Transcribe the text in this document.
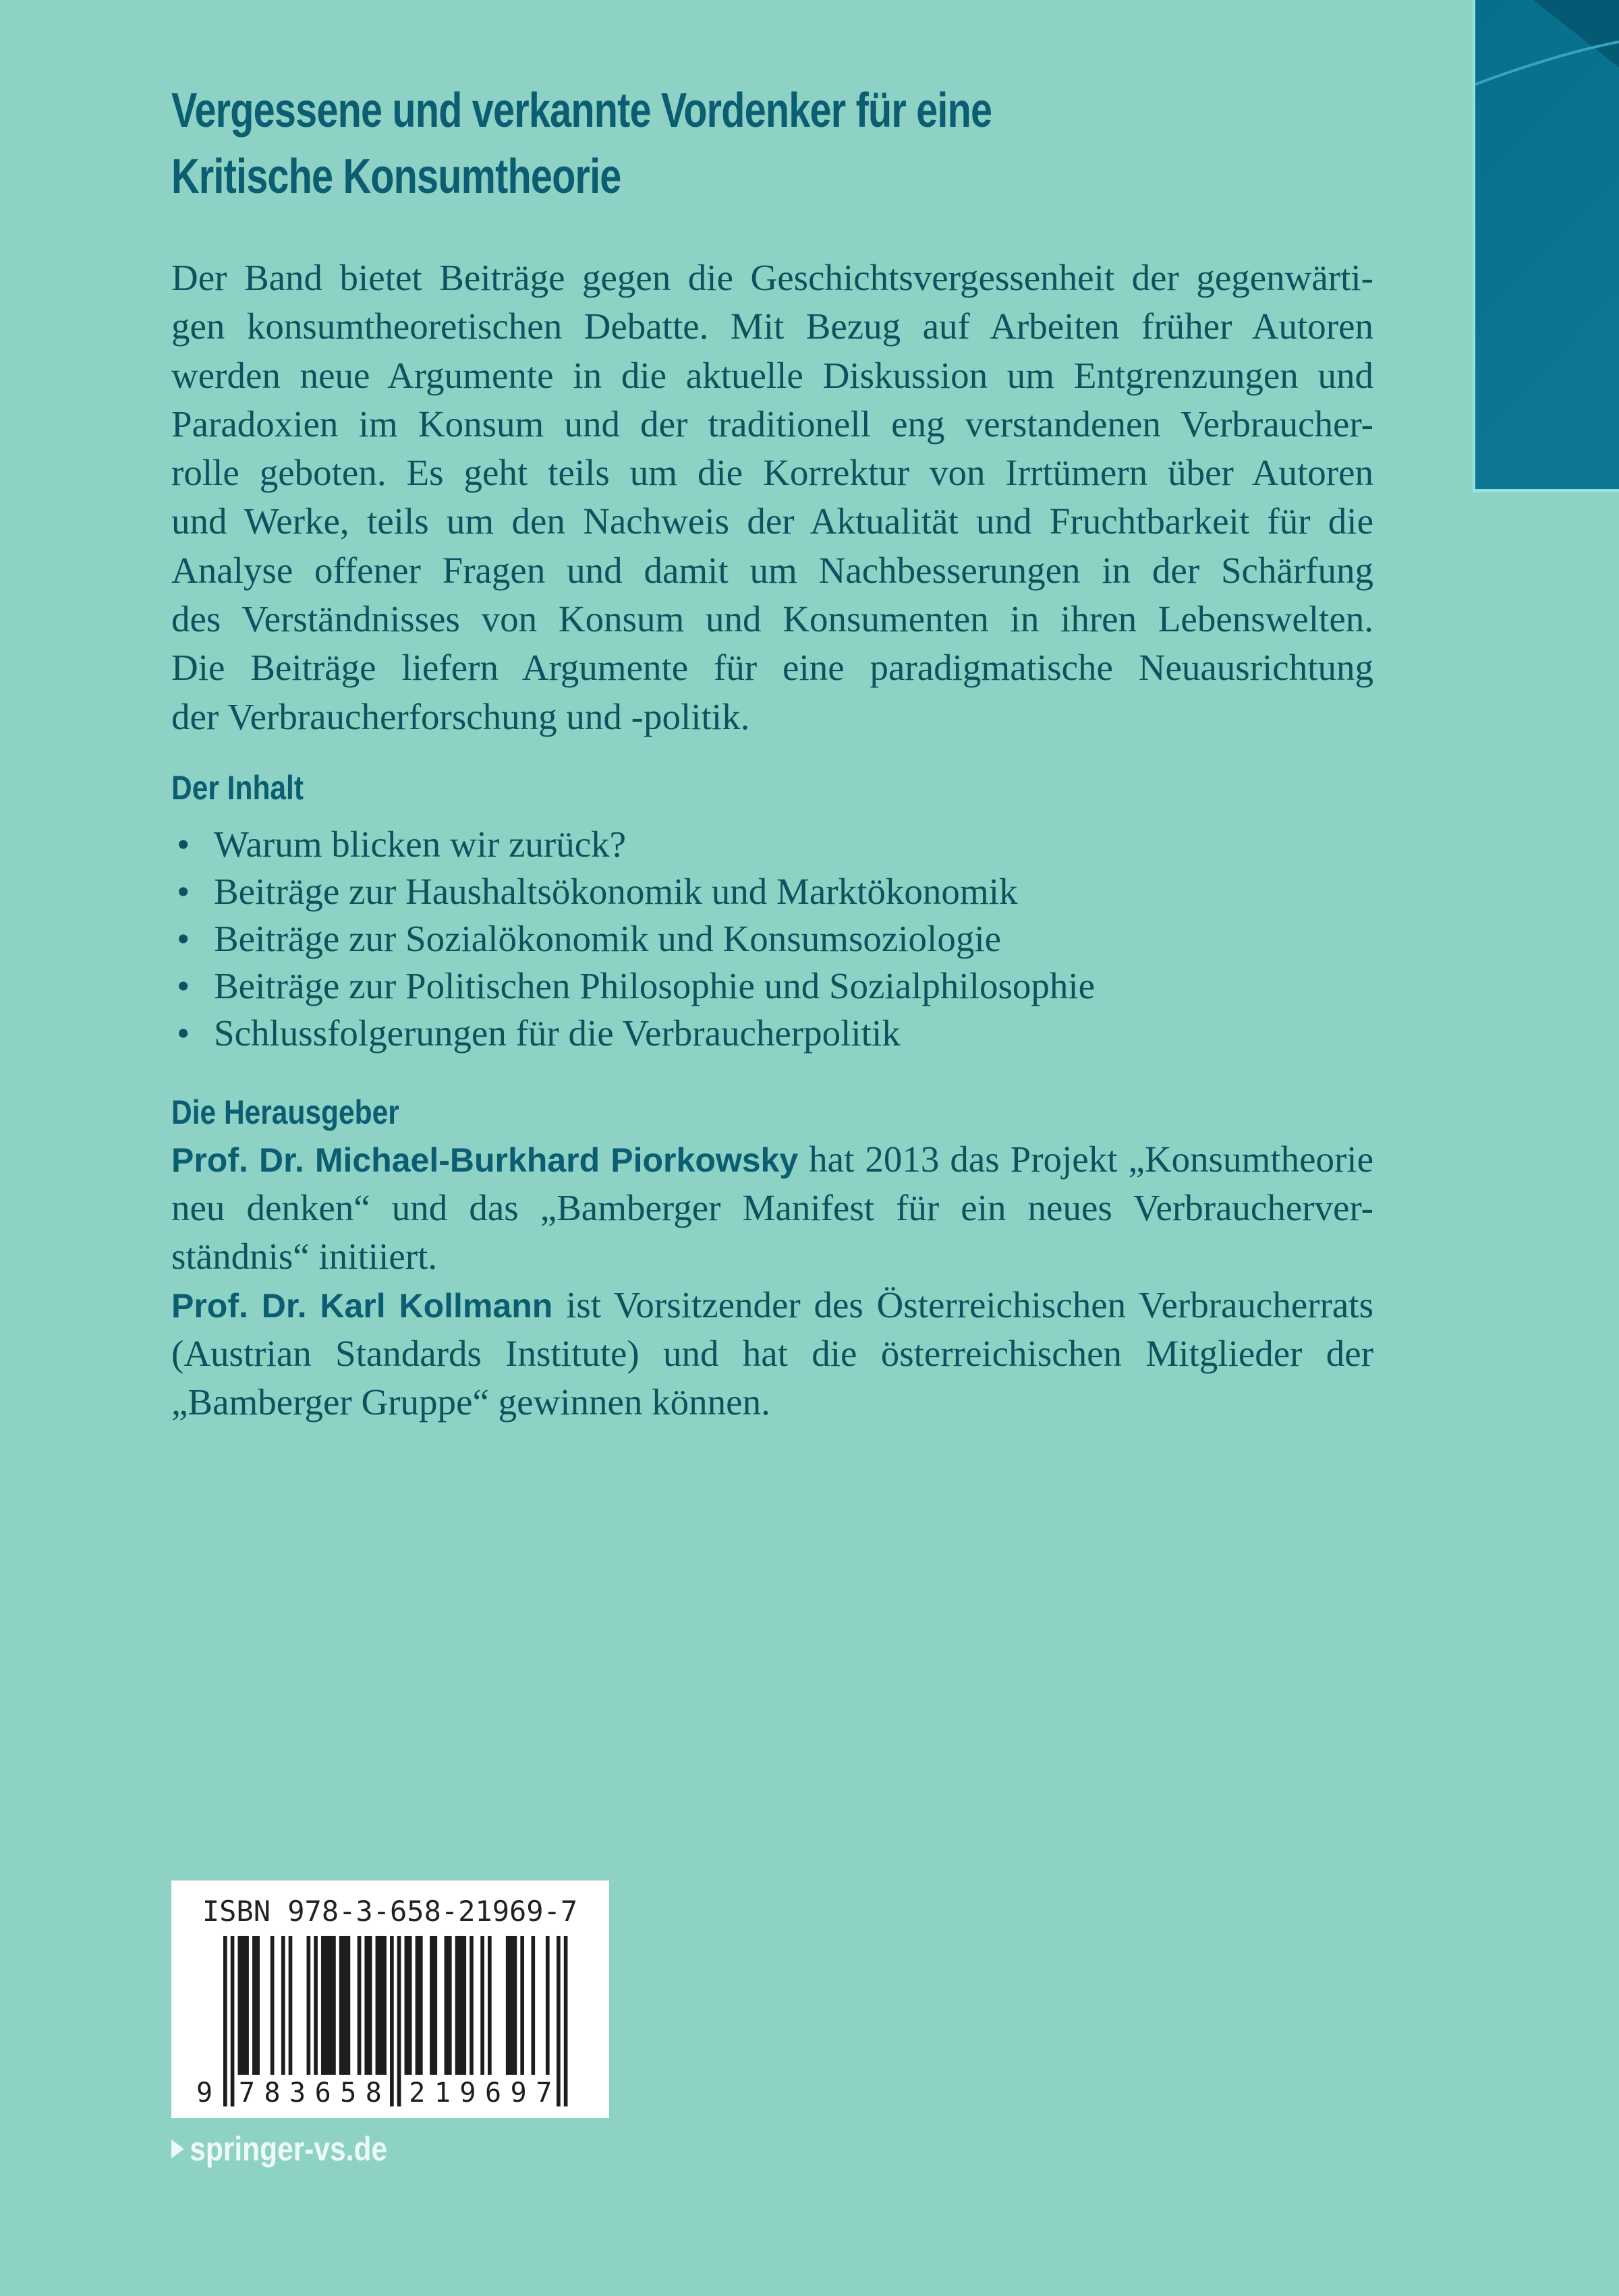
Vergessene und verkannte Vordenker für eine
Kritische Konsumtheorie
Der Band bietet Beiträge gegen die Geschichtsvergessenheit der gegenwärti-
gen konsumtheoretischen Debatte. Mit Bezug auf Arbeiten früher Autoren
werden neue Argumente in die aktuelle Diskussion um Entgrenzungen und
Paradoxien im Konsum und der traditionell eng verstandenen Verbraucher-
rolle geboten. Es geht teils um die Korrektur von Irrtümern über Autoren
und Werke, teils um den Nachweis der Aktualität und Fruchtbarkeit für die
Analyse offener Fragen und damit um Nachbesserungen in der Schärfung
des Verständnisses von Konsum und Konsumenten in ihren Lebenswelten.
Die Beiträge liefern Argumente für eine paradigmatische Neuausrichtung
der Verbraucherforschung und -politik.
Der Inhalt
• Warum blicken wir zurück?
• Beiträge zur Haushaltsökonomik und Marktökonomik
• Beiträge zur Sozialökonomik und Konsumsoziologie
• Beiträge zur Politischen Philosophie und Sozialphilosophie
• Schlussfolgerungen für die Verbraucherpolitik
Die Herausgeber
Prof. Dr. Michael-Burkhard Piorkowsky hat 2013 das Projekt „Konsumtheorie
neu denken“ und das „Bamberger Manifest für ein neues Verbraucherver-
ständnis“ initiiert.
Prof. Dr. Karl Kollmann ist Vorsitzender des Österreichischen Verbraucherrats
(Austrian Standards Institute) und hat die österreichischen Mitglieder der
„Bamberger Gruppe“ gewinnen können.
ISBN 978-3-658-21969-7
9 7 8 3 6 5 8 2 1 9 6 9 7
springer-vs.de
